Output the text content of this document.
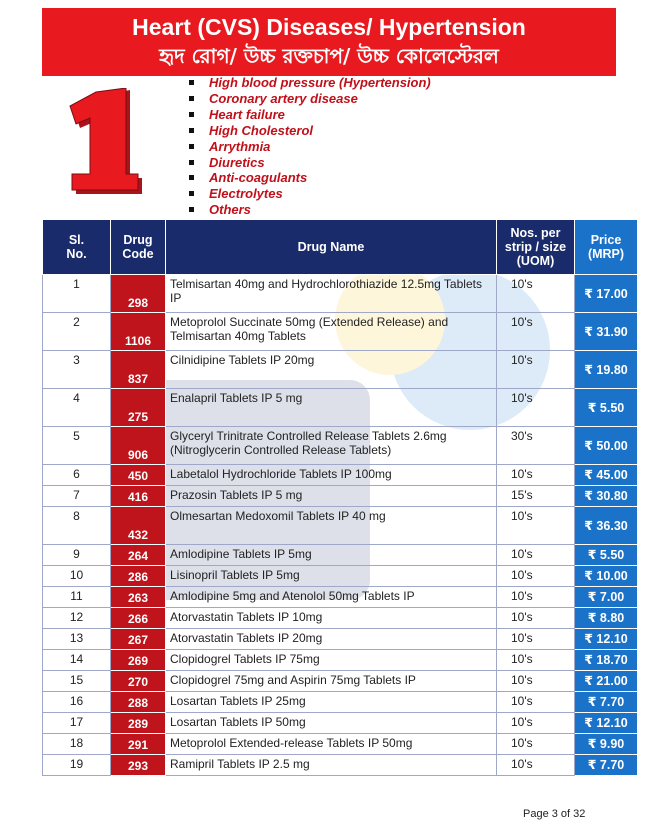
Heart (CVS) Diseases/ Hypertension
হৃদ রোগ/ উচ্চ রক্তচাপ/ উচ্চ কোলেস্টেরল
High blood pressure (Hypertension)
Coronary artery disease
Heart failure
High Cholesterol
Arrythmia
Diuretics
Anti-coagulants
Electrolytes
Others
Sl.
No.	Drug
Code	Drug Name	Nos. per
strip / size
(UOM)	Price
(MRP)
1	298	Telmisartan 40mg and Hydrochlorothiazide 12.5mg Tablets IP	10's	₹ 17.00
2	1106	Metoprolol Succinate 50mg (Extended Release) and Telmisartan 40mg Tablets	10's	₹ 31.90
3	837	Cilnidipine Tablets IP 20mg	10's	₹ 19.80
4	275	Enalapril Tablets IP 5 mg	10's	₹ 5.50
5	906	Glyceryl Trinitrate Controlled Release Tablets 2.6mg (Nitroglycerin Controlled Release Tablets)	30's	₹ 50.00
6	450	Labetalol Hydrochloride Tablets IP 100mg	10's	₹ 45.00
7	416	Prazosin Tablets IP 5 mg	15's	₹ 30.80
8	432	Olmesartan Medoxomil Tablets IP 40 mg	10's	₹ 36.30
9	264	Amlodipine Tablets IP 5mg	10's	₹ 5.50
10	286	Lisinopril Tablets IP 5mg	10's	₹ 10.00
11	263	Amlodipine 5mg and Atenolol 50mg Tablets IP	10's	₹ 7.00
12	266	Atorvastatin Tablets IP 10mg	10's	₹ 8.80
13	267	Atorvastatin Tablets IP 20mg	10's	₹ 12.10
14	269	Clopidogrel Tablets IP 75mg	10's	₹ 18.70
15	270	Clopidogrel 75mg and Aspirin 75mg Tablets IP	10's	₹ 21.00
16	288	Losartan Tablets IP 25mg	10's	₹ 7.70
17	289	Losartan Tablets IP 50mg	10's	₹ 12.10
18	291	Metoprolol Extended-release Tablets IP 50mg	10's	₹ 9.90
19	293	Ramipril Tablets IP 2.5 mg	10's	₹ 7.70
Page 3 of 32
